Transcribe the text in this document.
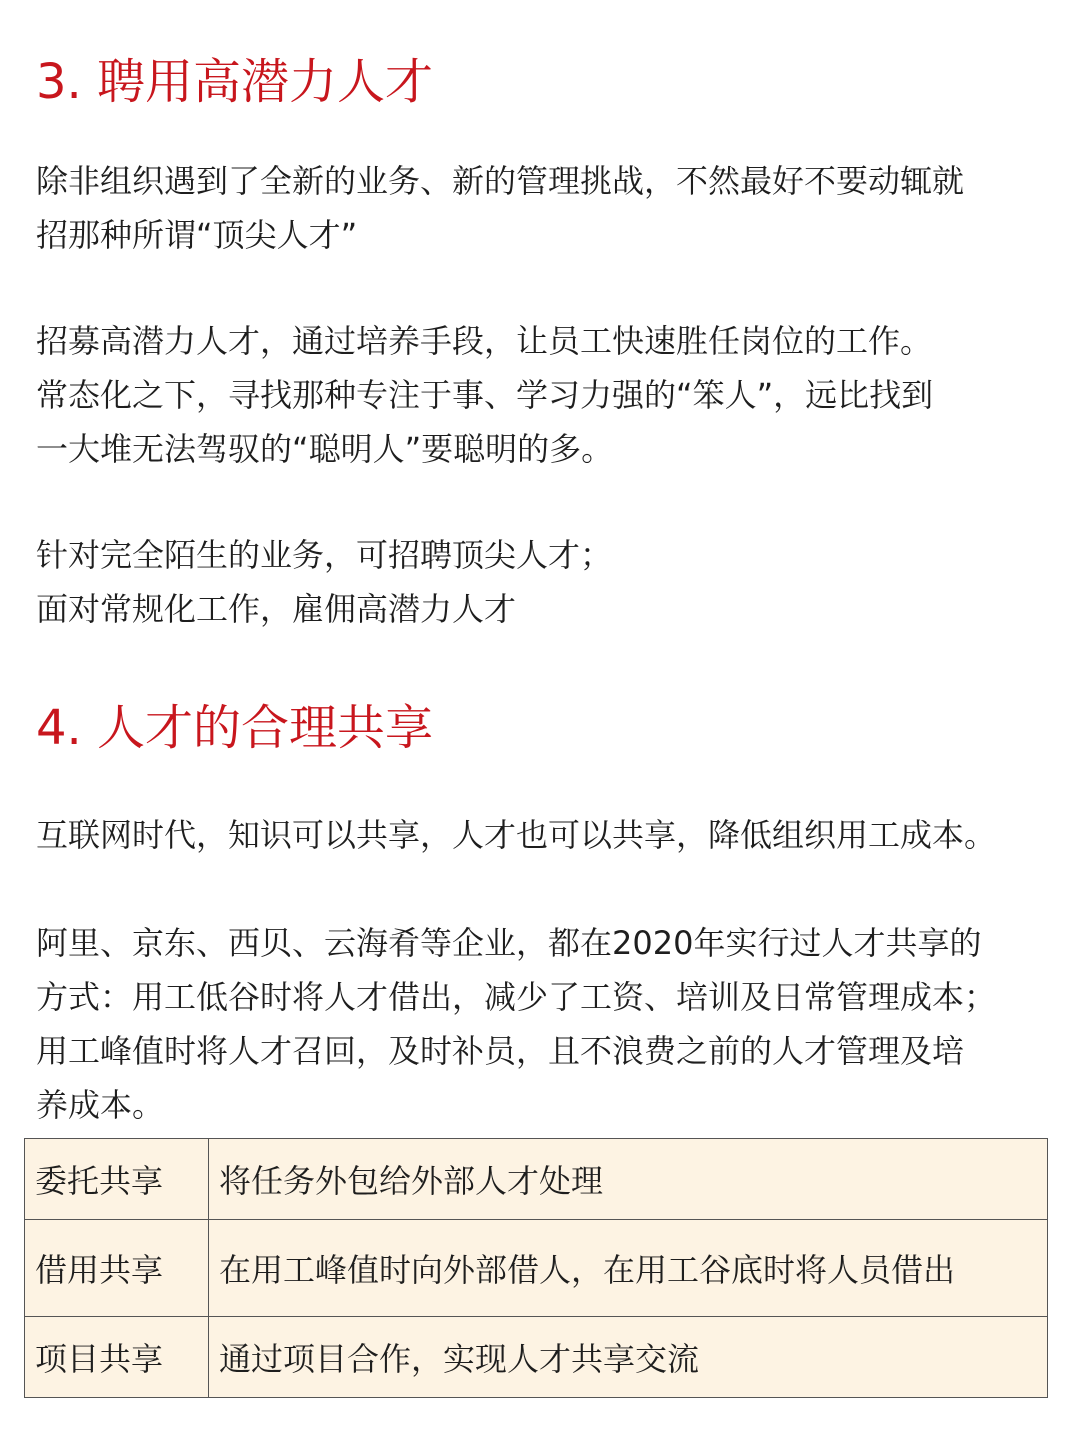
3. 聘用高潜力人才

除非组织遇到了全新的业务、新的管理挑战，不然最好不要动辄就
招那种所谓“顶尖人才”

招募高潜力人才，通过培养手段，让员工快速胜任岗位的工作。
常态化之下，寻找那种专注于事、学习力强的“笨人”，远比找到
一大堆无法驾驭的“聪明人”要聪明的多。

针对完全陌生的业务，可招聘顶尖人才；
面对常规化工作，雇佣高潜力人才

4. 人才的合理共享

互联网时代，知识可以共享，人才也可以共享，降低组织用工成本。

阿里、京东、西贝、云海肴等企业，都在2020年实行过人才共享的
方式：用工低谷时将人才借出，减少了工资、培训及日常管理成本；
用工峰值时将人才召回，及时补员，且不浪费之前的人才管理及培
养成本。

委托共享	将任务外包给外部人才处理
借用共享	在用工峰值时向外部借人，在用工谷底时将人员借出
项目共享	通过项目合作，实现人才共享交流
